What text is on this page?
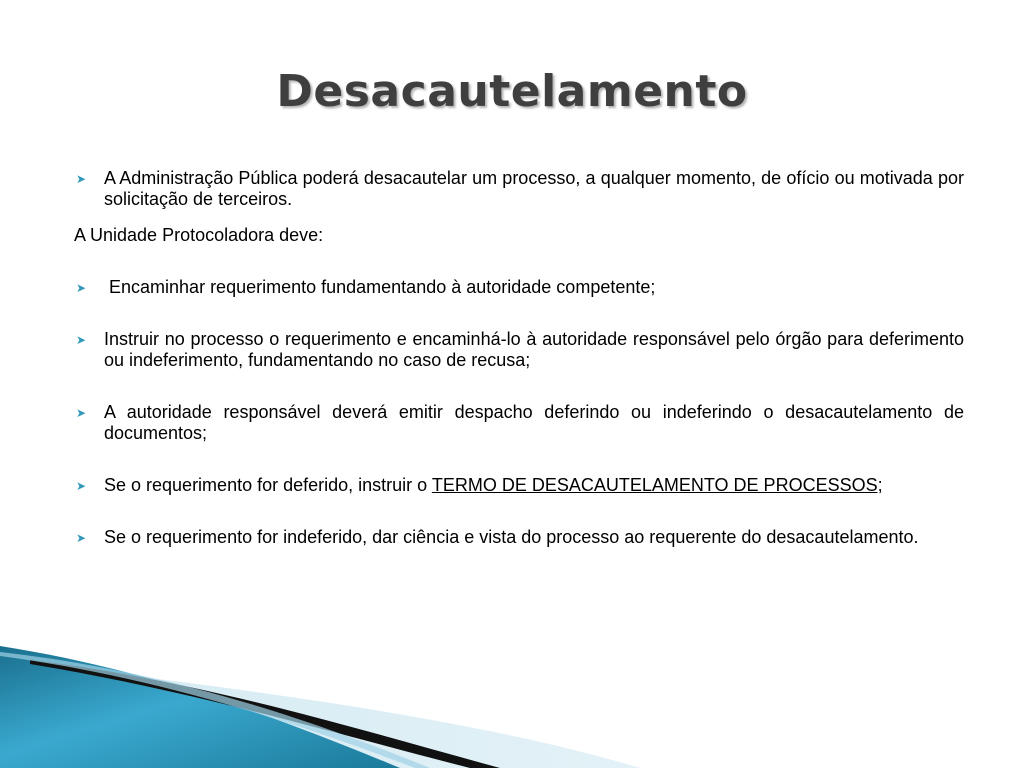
Desacautelamento
➤ A Administração Pública poderá desacautelar um processo, a qualquer momento, de ofício ou motivada por solicitação de terceiros.
A Unidade Protocoladora deve:
➤ Encaminhar requerimento fundamentando à autoridade competente;
➤ Instruir no processo o requerimento e encaminhá-lo à autoridade responsável pelo órgão para deferimento ou indeferimento, fundamentando no caso de recusa;
➤ A autoridade responsável deverá emitir despacho deferindo ou indeferindo o desacautelamento de documentos;
➤ Se o requerimento for deferido, instruir o TERMO DE DESACAUTELAMENTO DE PROCESSOS;
➤ Se o requerimento for indeferido, dar ciência e vista do processo ao requerente do desacautelamento.
